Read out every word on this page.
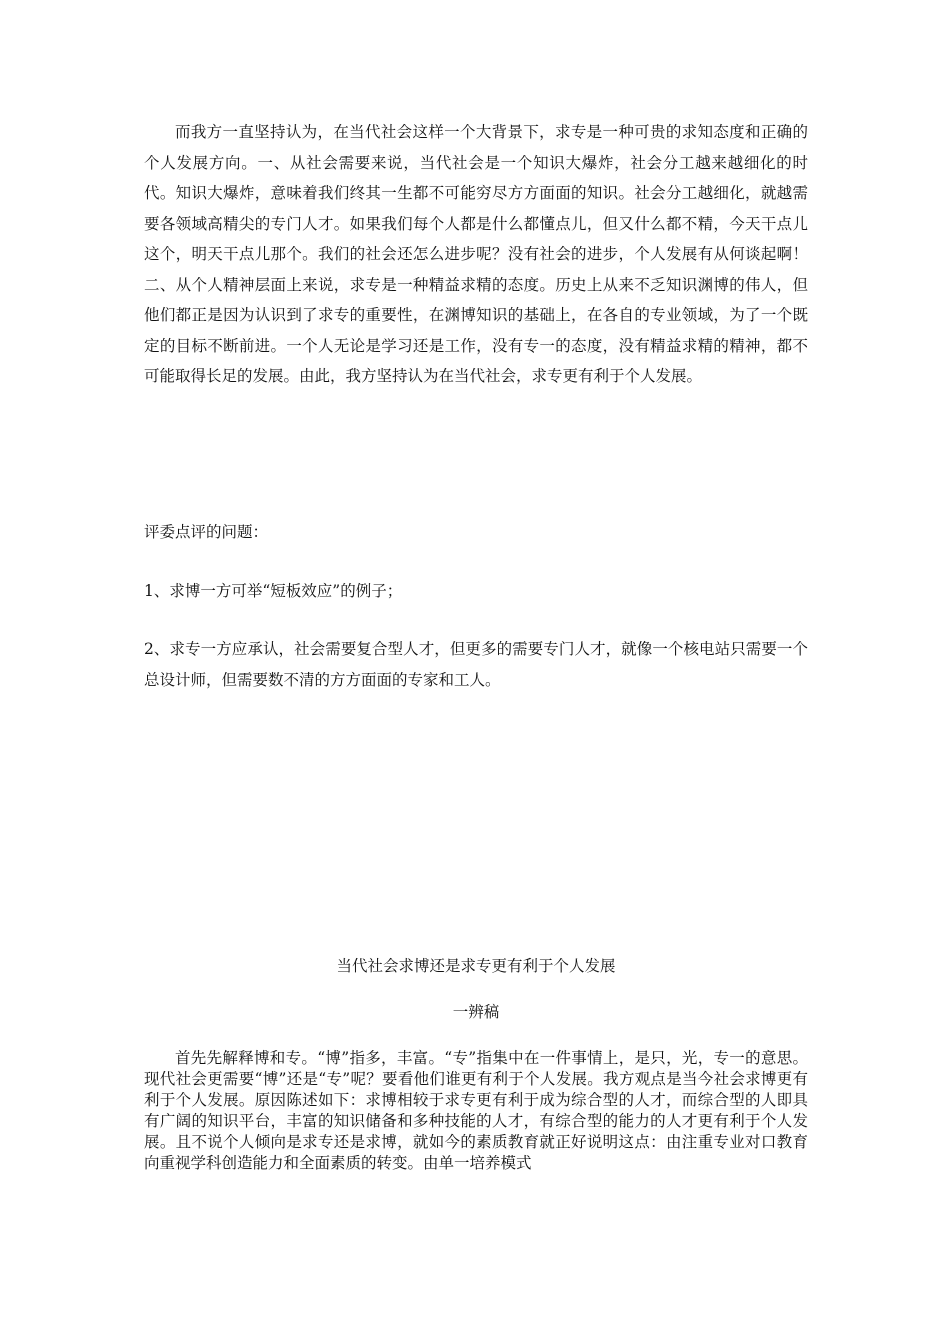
而我方一直坚持认为，在当代社会这样一个大背景下，求专是一种可贵的求知态度和正确的个人发展方向。一、从社会需要来说，当代社会是一个知识大爆炸，社会分工越来越细化的时代。知识大爆炸，意味着我们终其一生都不可能穷尽方方面面的知识。社会分工越细化，就越需要各领域高精尖的专门人才。如果我们每个人都是什么都懂点儿，但又什么都不精，今天干点儿这个，明天干点儿那个。我们的社会还怎么进步呢？没有社会的进步，个人发展有从何谈起啊！二、从个人精神层面上来说，求专是一种精益求精的态度。历史上从来不乏知识渊博的伟人，但他们都正是因为认识到了求专的重要性，在渊博知识的基础上，在各自的专业领域，为了一个既定的目标不断前进。一个人无论是学习还是工作，没有专一的态度，没有精益求精的精神，都不可能取得长足的发展。由此，我方坚持认为在当代社会，求专更有利于个人发展。

评委点评的问题：

1、求博一方可举“短板效应”的例子；

2、求专一方应承认，社会需要复合型人才，但更多的需要专门人才，就像一个核电站只需要一个总设计师，但需要数不清的方方面面的专家和工人。

当代社会求博还是求专更有利于个人发展

一辨稿

首先先解释博和专。“博”指多，丰富。“专”指集中在一件事情上，是只，光，专一的意思。现代社会更需要“博”还是“专”呢？要看他们谁更有利于个人发展。我方观点是当今社会求博更有利于个人发展。原因陈述如下：求博相较于求专更有利于成为综合型的人才，而综合型的人即具有广阔的知识平台，丰富的知识储备和多种技能的人才，有综合型的能力的人才更有利于个人发展。且不说个人倾向是求专还是求博，就如今的素质教育就正好说明这点：由注重专业对口教育向重视学科创造能力和全面素质的转变。由单一培养模式
